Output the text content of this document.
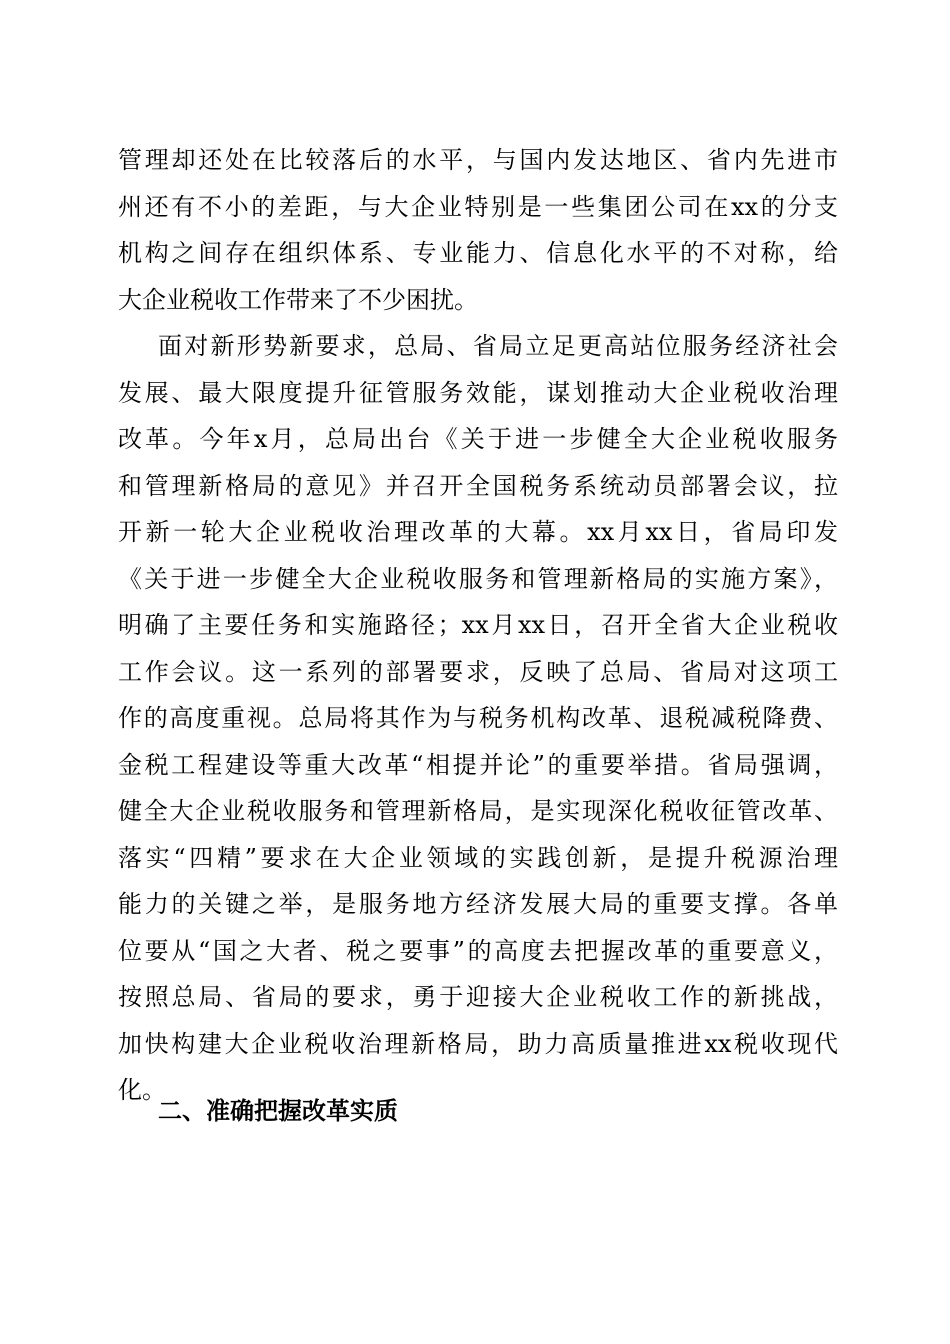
管理却还处在比较落后的水平，与国内发达地区、省内先进市
州还有不小的差距，与大企业特别是一些集团公司在xx的分支
机构之间存在组织体系、专业能力、信息化水平的不对称，给
大企业税收工作带来了不少困扰。
面对新形势新要求，总局、省局立足更高站位服务经济社会
发展、最大限度提升征管服务效能，谋划推动大企业税收治理
改革。今年x月，总局出台《关于进一步健全大企业税收服务
和管理新格局的意见》并召开全国税务系统动员部署会议，拉
开新一轮大企业税收治理改革的大幕。xx月xx日，省局印发
《关于进一步健全大企业税收服务和管理新格局的实施方案》，
明确了主要任务和实施路径；xx月xx日，召开全省大企业税收
工作会议。这一系列的部署要求，反映了总局、省局对这项工
作的高度重视。总局将其作为与税务机构改革、退税减税降费、
金税工程建设等重大改革“相提并论”的重要举措。省局强调，
健全大企业税收服务和管理新格局，是实现深化税收征管改革、
落实“四精”要求在大企业领域的实践创新，是提升税源治理
能力的关键之举，是服务地方经济发展大局的重要支撑。各单
位要从“国之大者、税之要事”的高度去把握改革的重要意义，
按照总局、省局的要求，勇于迎接大企业税收工作的新挑战，
加快构建大企业税收治理新格局，助力高质量推进xx税收现代
化。
二、准确把握改革实质
